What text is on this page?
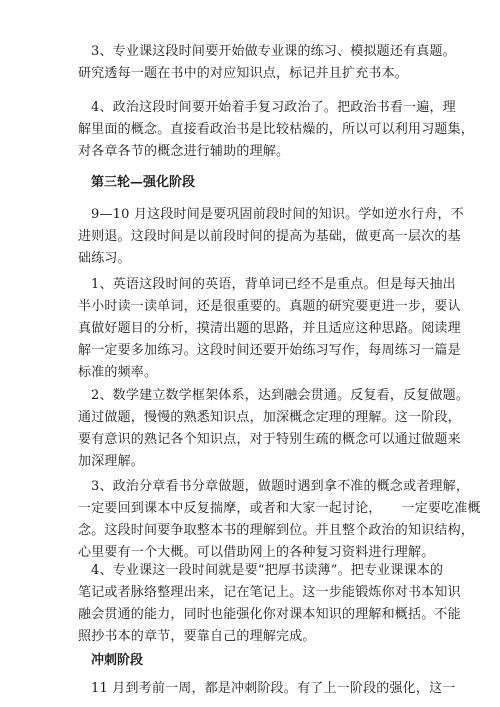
3、专业课这段时间要开始做专业课的练习、模拟题还有真题。
研究透每一题在书中的对应知识点，标记并且扩充书本。
4、政治这段时间要开始着手复习政治了。把政治书看一遍，理
解里面的概念。直接看政治书是比较枯燥的，所以可以利用习题集，
对各章各节的概念进行辅助的理解。
第三轮—强化阶段
9—10 月这段时间是要巩固前段时间的知识。学如逆水行舟，不
进则退。这段时间是以前段时间的提高为基础，做更高一层次的基
础练习。
1、英语这段时间的英语，背单词已经不是重点。但是每天抽出
半小时读一读单词，还是很重要的。真题的研究要更进一步，要认
真做好题目的分析，摸清出题的思路，并且适应这种思路。阅读理
解一定要多加练习。这段时间还要开始练习写作，每周练习一篇是
标准的频率。
2、数学建立数学框架体系，达到融会贯通。反复看，反复做题。
通过做题，慢慢的熟悉知识点，加深概念定理的理解。这一阶段，
要有意识的熟记各个知识点，对于特别生疏的概念可以通过做题来
加深理解。
3、政治分章看书分章做题，做题时遇到拿不准的概念或者理解，
一定要回到课本中反复揣摩，或者和大家一起讨论，　　一定要吃准概
念。这段时间要争取整本书的理解到位。并且整个政治的知识结构，
心里要有一个大概。可以借助网上的各种复习资料进行理解。
4、专业课这一段时间就是要“把厚书读薄”。把专业课课本的
笔记或者脉络整理出来，记在笔记上。这一步能锻炼你对书本知识
融会贯通的能力，同时也能强化你对课本知识的理解和概括。不能
照抄书本的章节，要靠自己的理解完成。
冲刺阶段
11 月到考前一周，都是冲刺阶段。有了上一阶段的强化，这一
